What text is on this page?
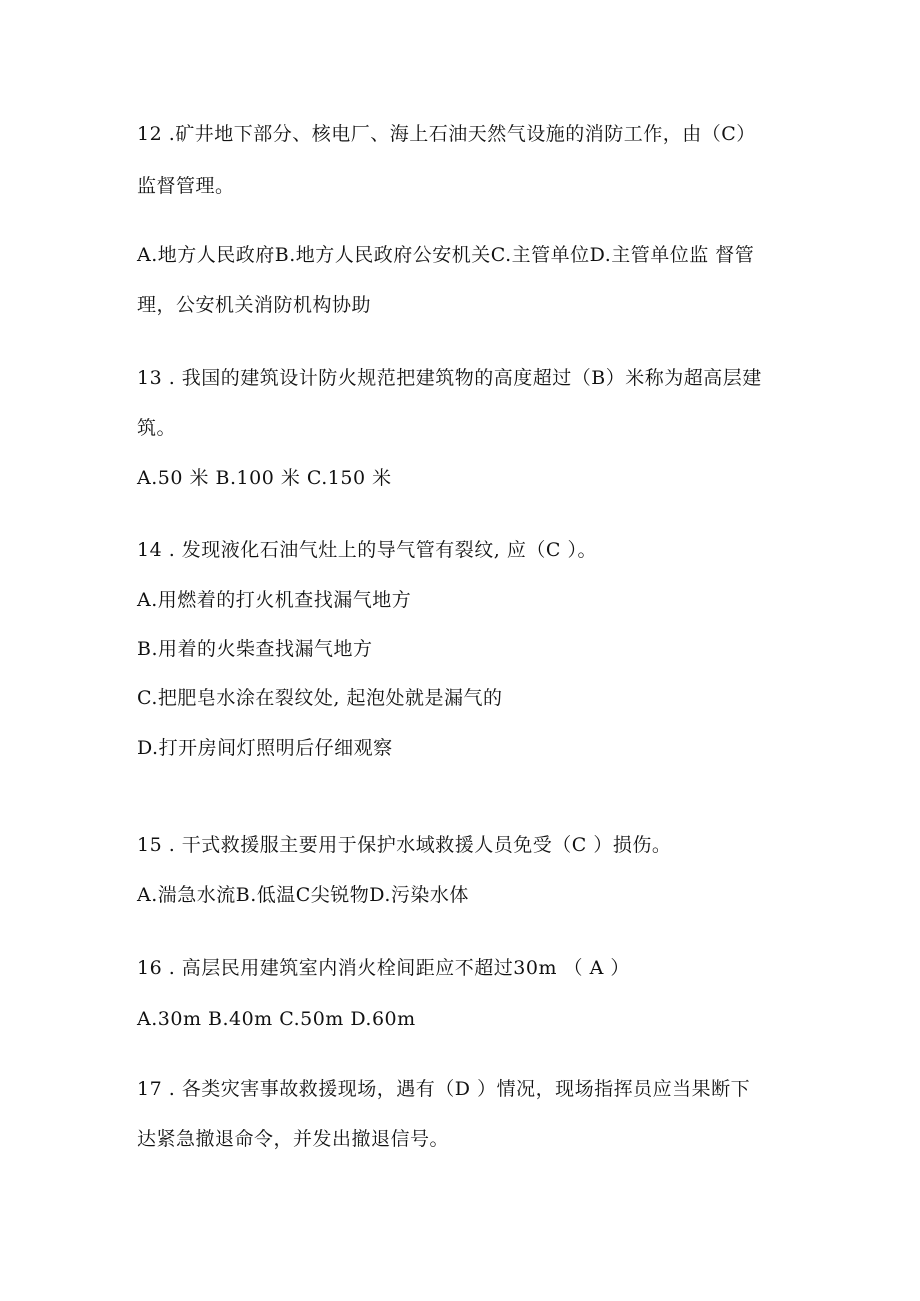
12 .矿井地下部分、核电厂、海上石油天然气设施的消防工作，由（C）
监督管理。
A.地方人民政府B.地方人民政府公安机关C.主管单位D.主管单位监 督管
理，公安机关消防机构协助
13 . 我国的建筑设计防火规范把建筑物的高度超过（B）米称为超高层建
筑。
A.50 米 B.100 米 C.150 米
14 . 发现液化石油气灶上的导气管有裂纹, 应（C ）。
A.用燃着的打火机查找漏气地方
B.用着的火柴查找漏气地方
C.把肥皂水涂在裂纹处, 起泡处就是漏气的
D.打开房间灯照明后仔细观察
15 . 干式救援服主要用于保护水域救援人员免受（C ）损伤。
A.湍急水流B.低温C尖锐物D.污染水体
16 . 高层民用建筑室内消火栓间距应不超过30m （ A ）
A.30m B.40m C.50m D.60m
17 . 各类灾害事故救援现场，遇有（D ）情况，现场指挥员应当果断下
达紧急撤退命令，并发出撤退信号。
